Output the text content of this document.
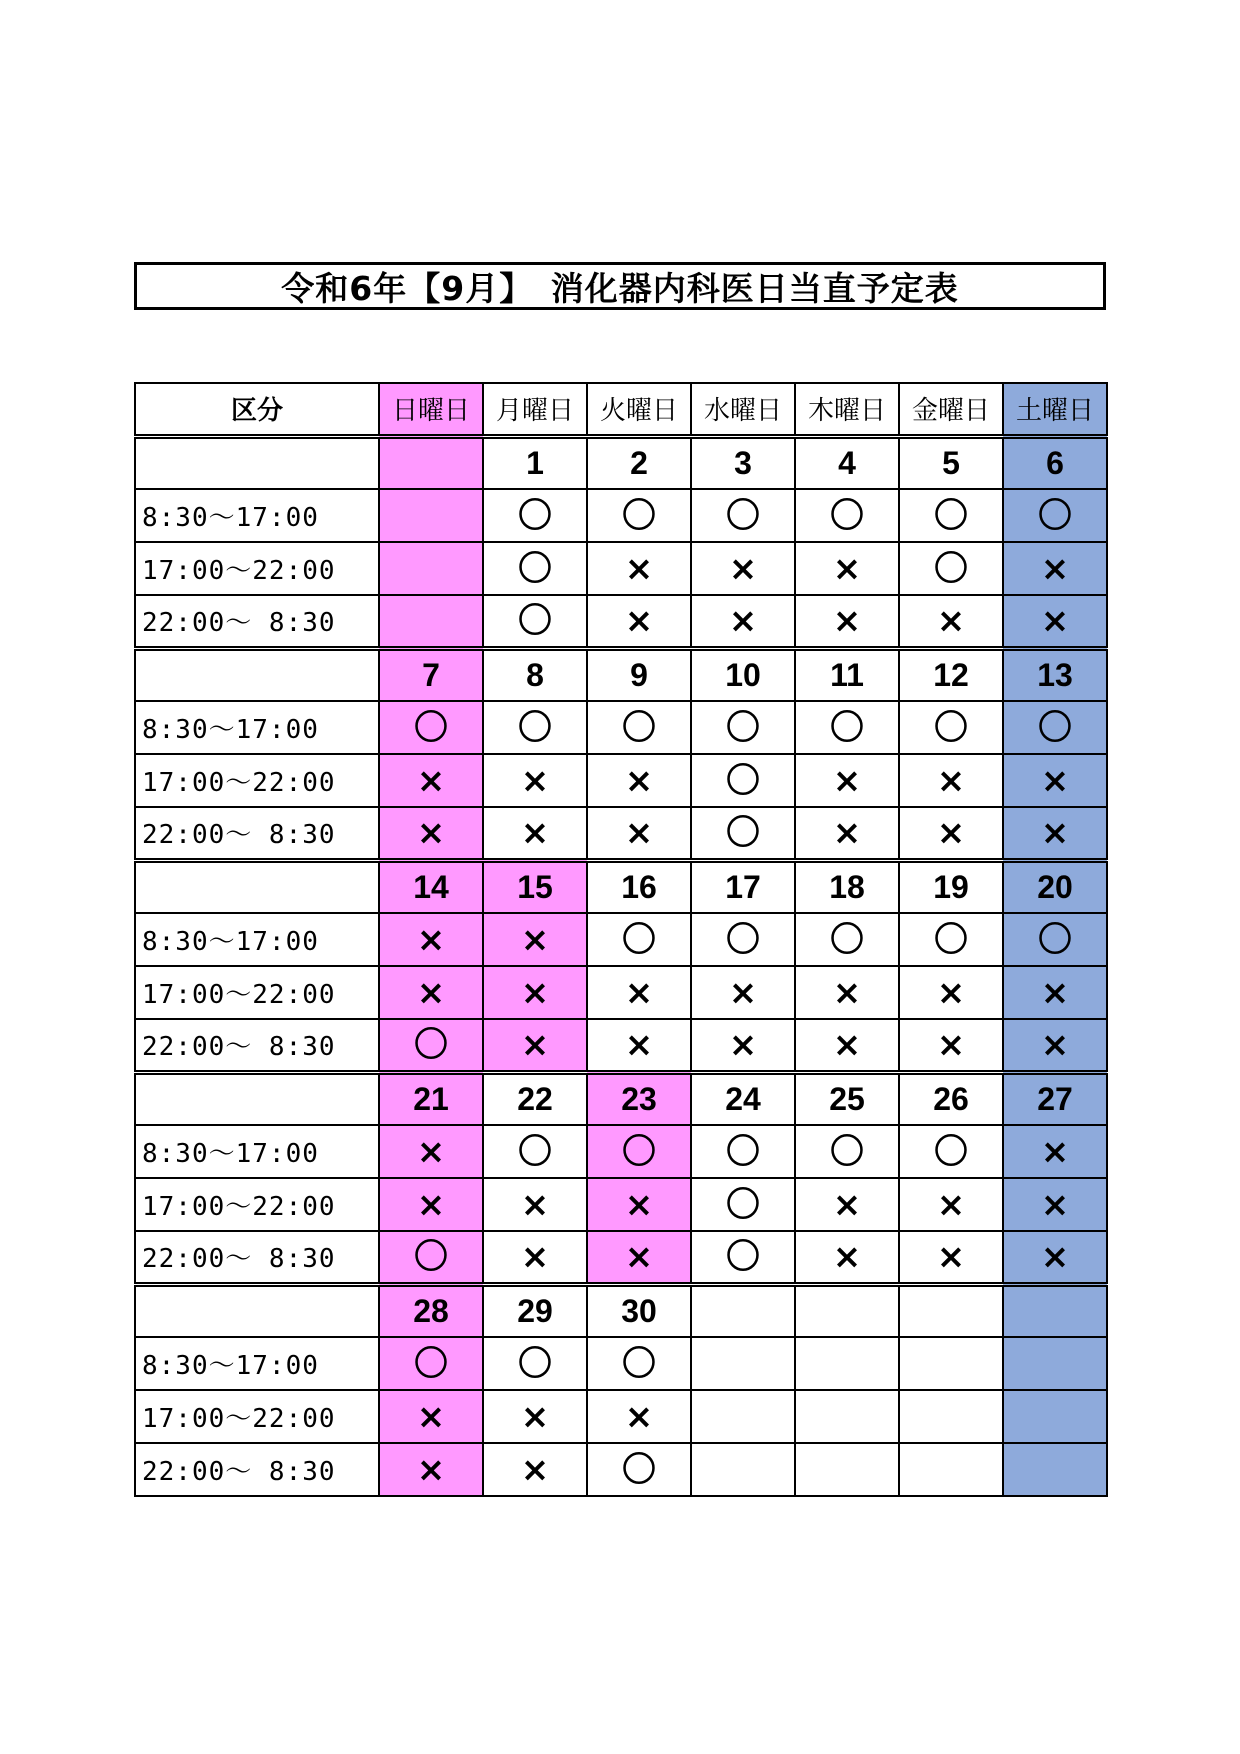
令和6年【9月】　消化器内科医日当直予定表
区分	日曜日	月曜日	火曜日	水曜日	木曜日	金曜日	土曜日
		1	2	3	4	5	6
8:30～17:00		〇	〇	〇	〇	〇	〇
17:00～22:00		〇	×	×	×	〇	×
22:00～ 8:30		〇	×	×	×	×	×
	7	8	9	10	11	12	13
8:30～17:00	〇	〇	〇	〇	〇	〇	〇
17:00～22:00	×	×	×	〇	×	×	×
22:00～ 8:30	×	×	×	〇	×	×	×
	14	15	16	17	18	19	20
8:30～17:00	×	×	〇	〇	〇	〇	〇
17:00～22:00	×	×	×	×	×	×	×
22:00～ 8:30	〇	×	×	×	×	×	×
	21	22	23	24	25	26	27
8:30～17:00	×	〇	〇	〇	〇	〇	×
17:00～22:00	×	×	×	〇	×	×	×
22:00～ 8:30	〇	×	×	〇	×	×	×
	28	29	30				
8:30～17:00	〇	〇	〇				
17:00～22:00	×	×	×				
22:00～ 8:30	×	×	〇				
